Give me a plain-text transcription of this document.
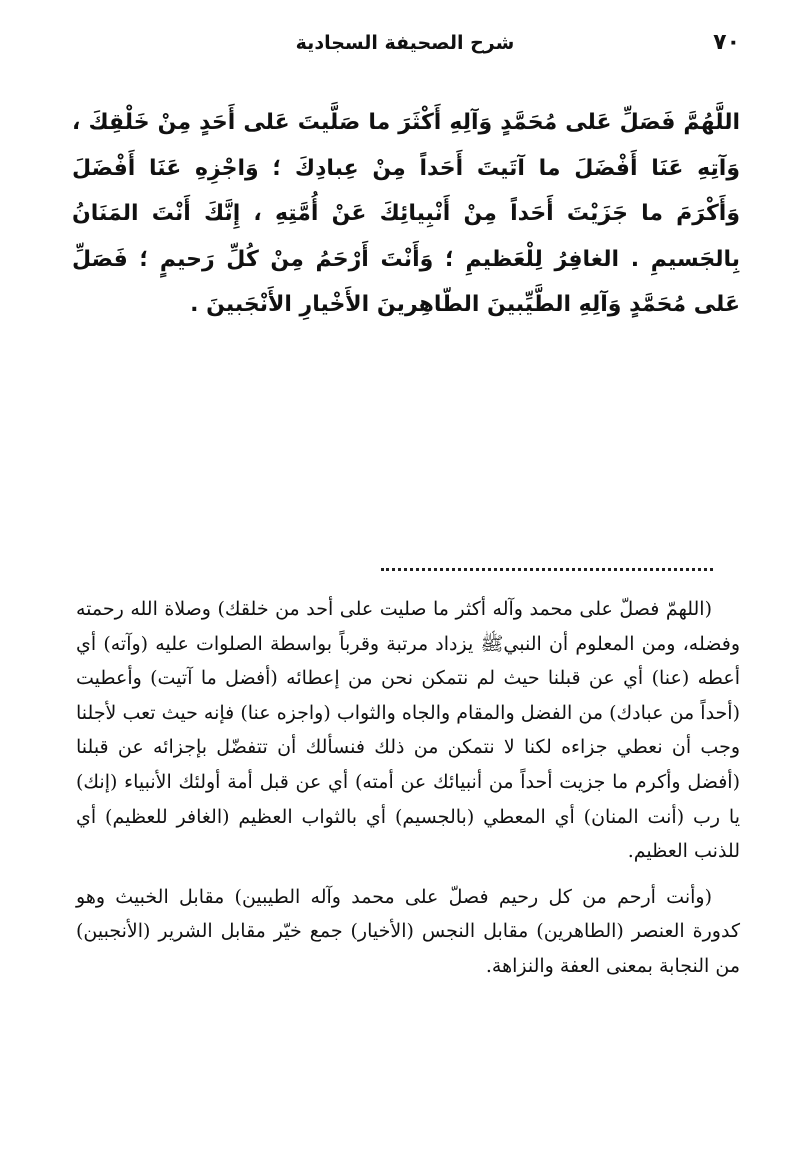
٧٠
شرح الصحيفة السجادية
اللَّهُمَّ فَصَلِّ عَلى مُحَمَّدٍ وَآلِهِ أَكْثَرَ ما صَلَّيتَ عَلى أَحَدٍ مِنْ خَلْقِكَ ، وَآتِهِ عَنَا أَفْضَلَ ما آتَيتَ أَحَداً مِنْ عِبادِكَ ؛ وَاجْزِهِ عَنَا أَفْضَلَ وَأَكْرَمَ ما جَزَيْتَ أَحَداً مِنْ أَنْبِيائِكَ عَنْ أُمَّتِهِ ، إِنَّكَ أَنْتَ المَنَانُ بِالجَسيمِ . الغافِرُ لِلْعَظيمِ ؛ وَأَنْتَ أَرْحَمُ مِنْ كُلِّ رَحيمٍ ؛ فَصَلِّ عَلى مُحَمَّدٍ وَآلِهِ الطَّيِّبينَ الطّاهِرينَ الأَخْيارِ الأَنْجَبينَ .

(اللهمّ فصلّ على محمد وآله أكثر ما صليت على أحد من خلقك) وصلاة الله رحمته وفضله، ومن المعلوم أن النبيﷺ يزداد مرتبة وقرباً بواسطة الصلوات عليه (وآته) أي أعطه (عنا) أي عن قبلنا حيث لم نتمكن نحن من إعطائه (أفضل ما آتيت) وأعطيت (أحداً من عبادك) من الفضل والمقام والجاه والثواب (واجزه عنا) فإنه حيث تعب لأجلنا وجب أن نعطي جزاءه لكنا لا نتمكن من ذلك فنسألك أن تتفضّل بإجزائه عن قبلنا (أفضل وأكرم ما جزيت أحداً من أنبيائك عن أمته) أي عن قبل أمة أولئك الأنبياء (إنك) يا رب (أنت المنان) أي المعطي (بالجسيم) أي بالثواب العظيم (الغافر للعظيم) أي للذنب العظيم.

(وأنت أرحم من كل رحيم فصلّ على محمد وآله الطيبين) مقابل الخبيث وهو كدورة العنصر (الطاهرين) مقابل النجس (الأخيار) جمع خيّر مقابل الشرير (الأنجبين) من النجابة بمعنى العفة والنزاهة.
